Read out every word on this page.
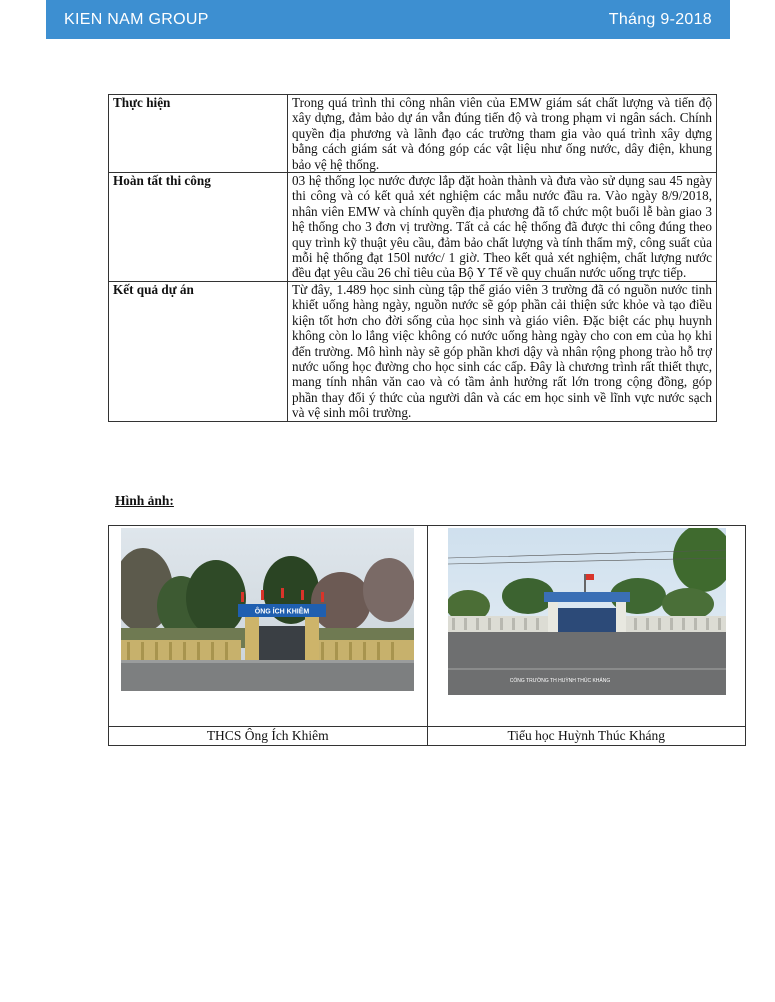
KIEN NAM GROUP	Tháng 9-2018
Thực hiện	Trong quá trình thi công nhân viên của EMW giám sát chất lượng và tiến độ xây dựng, đảm bảo dự án vẫn đúng tiến độ và trong phạm vi ngân sách. Chính quyền địa phương và lãnh đạo các trường tham gia vào quá trình xây dựng bằng cách giám sát và đóng góp các vật liệu như ống nước, dây điện, khung bảo vệ hệ thống.
Hoàn tất thi công	03 hệ thống lọc nước được lắp đặt hoàn thành và đưa vào sử dụng sau 45 ngày thi công và có kết quả xét nghiệm các mẫu nước đầu ra. Vào ngày 8/9/2018, nhân viên EMW và chính quyền địa phương đã tổ chức một buổi lễ bàn giao 3 hệ thống cho 3 đơn vị trường. Tất cả các hệ thống đã được thi công đúng theo quy trình kỹ thuật yêu cầu, đảm bảo chất lượng và tính thẩm mỹ, công suất của mỗi hệ thống đạt 150l nước/ 1 giờ. Theo kết quả xét nghiệm, chất lượng nước đều đạt yêu cầu 26 chỉ tiêu của Bộ Y Tế về quy chuẩn nước uống trực tiếp.
Kết quả dự án	Từ đây, 1.489 học sinh cùng tập thể giáo viên 3 trường đã có nguồn nước tinh khiết uống hàng ngày, nguồn nước sẽ góp phần cải thiện sức khỏe và tạo điều kiện tốt hơn cho đời sống của học sinh và giáo viên. Đặc biệt các phụ huynh không còn lo lắng việc không có nước uống hàng ngày cho con em của họ khi đến trường. Mô hình này sẽ góp phần khơi dậy và nhân rộng phong trào hỗ trợ nước uống học đường cho học sinh các cấp. Đây là chương trình rất thiết thực, mang tính nhân văn cao và có tầm ảnh hưởng rất lớn trong cộng đồng, góp phần thay đổi ý thức của người dân và các em học sinh về lĩnh vực nước sạch và vệ sinh môi trường.
Hình ảnh:
ÔNG ÍCH KHIÊM	CỔNG TRƯỜNG TH HUỲNH THÚC KHÁNG

THCS Ông Ích Khiêm	Tiểu học Huỳnh Thúc Kháng
